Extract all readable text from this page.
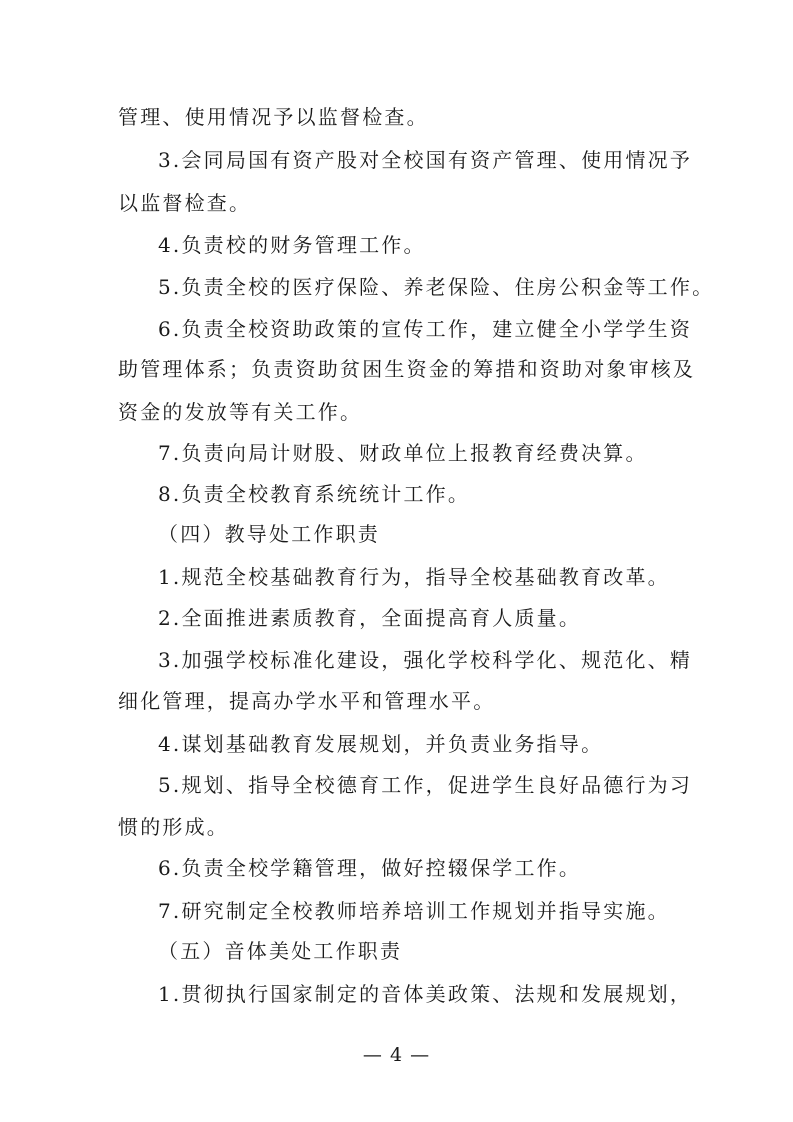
管理、使用情况予以监督检查。
3.会同局国有资产股对全校国有资产管理、使用情况予
以监督检查。
4.负责校的财务管理工作。
5.负责全校的医疗保险、养老保险、住房公积金等工作。
6.负责全校资助政策的宣传工作，建立健全小学学生资
助管理体系；负责资助贫困生资金的筹措和资助对象审核及
资金的发放等有关工作。
7.负责向局计财股、财政单位上报教育经费决算。
8.负责全校教育系统统计工作。
（四）教导处工作职责
1.规范全校基础教育行为，指导全校基础教育改革。
2.全面推进素质教育，全面提高育人质量。
3.加强学校标准化建设，强化学校科学化、规范化、精
细化管理，提高办学水平和管理水平。
4.谋划基础教育发展规划，并负责业务指导。
5.规划、指导全校德育工作，促进学生良好品德行为习
惯的形成。
6.负责全校学籍管理，做好控辍保学工作。
7.研究制定全校教师培养培训工作规划并指导实施。
（五）音体美处工作职责
1.贯彻执行国家制定的音体美政策、法规和发展规划，
— 4 —
